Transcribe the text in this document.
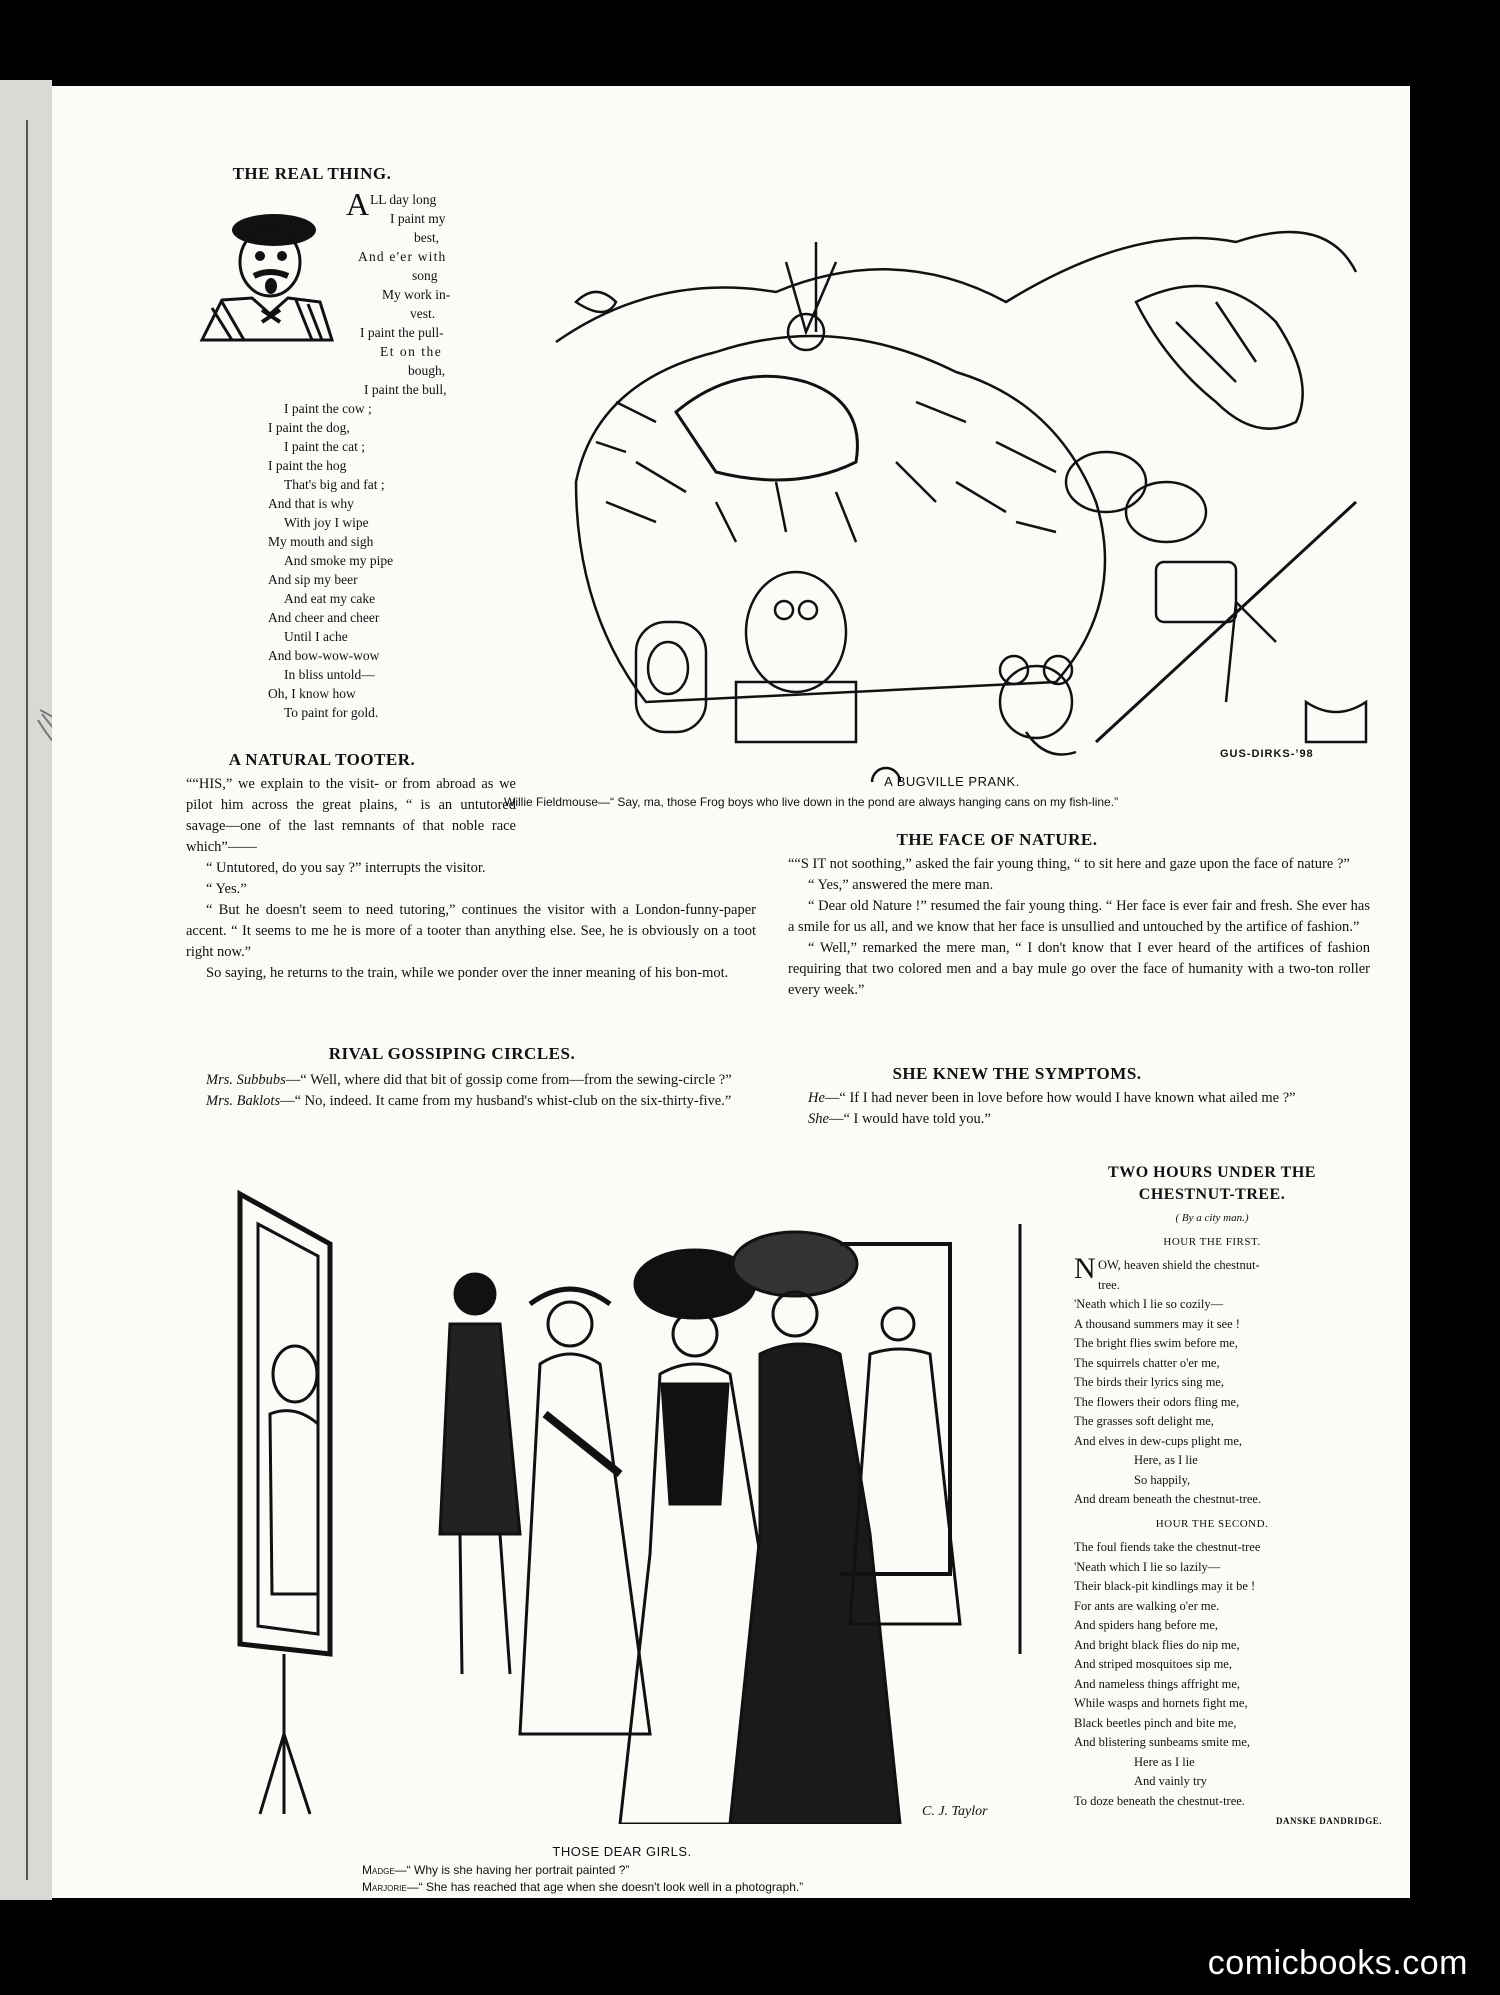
THE REAL THING.
A LL day long
I paint my
best,
And e'er with
song
My work in-
vest.
I paint the pull-
Et on the
bough,
I paint the bull,
I paint the cow ;
I paint the dog,
I paint the cat ;
I paint the hog
That's big and fat ;
And that is why
With joy I wipe
My mouth and sigh
And smoke my pipe
And sip my beer
And eat my cake
And cheer and cheer
Until I ache
And bow-wow-wow
In bliss untold—
Oh, I know how
To paint for gold.
GUS-DIRKS-’98
A BUGVILLE PRANK.
Willie Fieldmouse—“ Say, ma, those Frog boys who live down in the pond are always hanging cans on my fish-line.”
A NATURAL TOOTER.

““HIS,” we explain to the visit- or from abroad as we pilot him across the great plains, “ is an untutored savage—one of the last remnants of that noble race which”——

“ Untutored, do you say ?” interrupts the visitor.

“ Yes.”

“ But he doesn't seem to need tutoring,” continues the visitor with a London-funny-paper accent. “ It seems to me he is more of a tooter than anything else. See, he is obviously on a toot right now.”

So saying, he returns to the train, while we ponder over the inner meaning of his bon-mot.

THE FACE OF NATURE.

““S IT not soothing,” asked the fair young thing, “ to sit here and gaze upon the face of nature ?”

“ Yes,” answered the mere man.

“ Dear old Nature !” resumed the fair young thing. “ Her face is ever fair and fresh. She ever has a smile for us all, and we know that her face is unsullied and untouched by the artifice of fashion.”

“ Well,” remarked the mere man, “ I don't know that I ever heard of the artifices of fashion requiring that two colored men and a bay mule go over the face of humanity with a two-ton roller every week.”

RIVAL GOSSIPING CIRCLES.

Mrs. Subbubs—“ Well, where did that bit of gossip come from—from the sewing-circle ?”

Mrs. Baklots—“ No, indeed. It came from my husband's whist-club on the six-thirty-five.”

SHE KNEW THE SYMPTOMS.

He—“ If I had never been in love before how would I have known what ailed me ?”

She—“ I would have told you.”

C. J. Taylor
THOSE DEAR GIRLS.
Madge—“ Why is she having her portrait painted ?”
Marjorie—“ She has reached that age when she doesn't look well in a photograph.”
TWO HOURS UNDER THE
CHESTNUT-TREE.
( By a city man.)
HOUR THE FIRST.
N OW, heaven shield the chestnut-
tree.
'Neath which I lie so cozily—
A thousand summers may it see !
The bright flies swim before me,
The squirrels chatter o'er me,
The birds their lyrics sing me,
The flowers their odors fling me,
The grasses soft delight me,
And elves in dew-cups plight me,
Here, as I lie
So happily,
And dream beneath the chestnut-tree.
HOUR THE SECOND.
The foul fiends take the chestnut-tree
'Neath which I lie so lazily—
Their black-pit kindlings may it be !
For ants are walking o'er me.
And spiders hang before me,
And bright black flies do nip me,
And striped mosquitoes sip me,
And nameless things affright me,
While wasps and hornets fight me,
Black beetles pinch and bite me,
And blistering sunbeams smite me,
Here as I lie
And vainly try
To doze beneath the chestnut-tree.
DANSKE DANDRIDGE.
comicbooks.com
